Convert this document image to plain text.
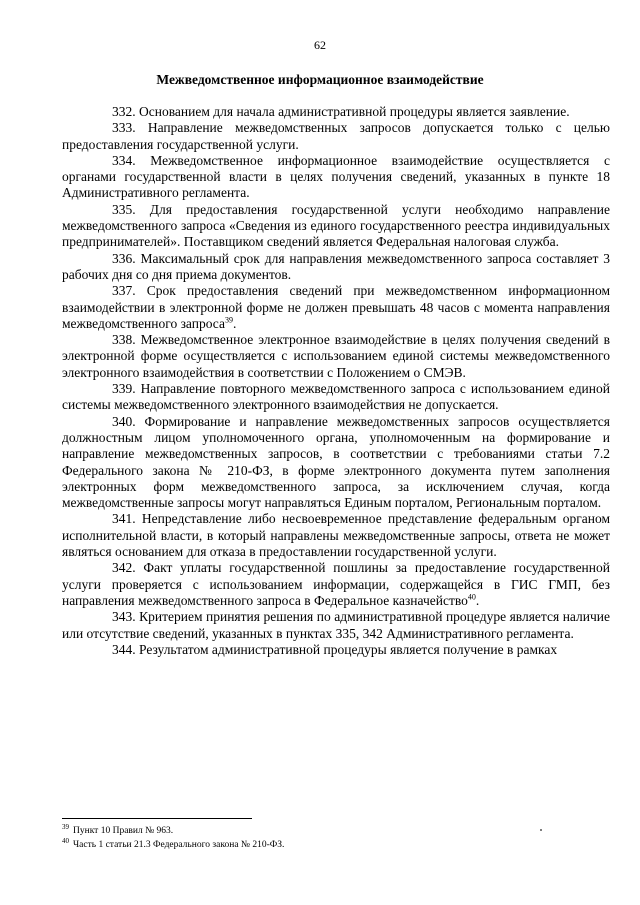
62
Межведомственное информационное взаимодействие

332. Основанием для начала административной процедуры является заявление.

333. Направление межведомственных запросов допускается только с целью предоставления государственной услуги.

334. Межведомственное информационное взаимодействие осуществляется с органами государственной власти в целях получения сведений, указанных в пункте 18 Административного регламента.

335. Для предоставления государственной услуги необходимо направление межведомственного запроса «Сведения из единого государственного реестра индивидуальных предпринимателей». Поставщиком сведений является Федеральная налоговая служба.

336. Максимальный срок для направления межведомственного запроса составляет 3 рабочих дня со дня приема документов.

337. Срок предоставления сведений при межведомственном информационном взаимодействии в электронной форме не должен превышать 48 часов с момента направления межведомственного запроса$^{39}$.

338. Межведомственное электронное взаимодействие в целях получения сведений в электронной форме осуществляется с использованием единой системы межведомственного электронного взаимодействия в соответствии с Положением о СМЭВ.

339. Направление повторного межведомственного запроса с использованием единой системы межведомственного электронного взаимодействия не допускается.

340. Формирование и направление межведомственных запросов осуществляется должностным лицом уполномоченного органа, уполномоченным на формирование и направление межведомственных запросов, в соответствии с требованиями статьи 7.2 Федерального закона № 210-ФЗ, в форме электронного документа путем заполнения электронных форм межведомственного запроса, за исключением случая, когда межведомственные запросы могут направляться Единым порталом, Региональным порталом.

341. Непредставление либо несвоевременное представление федеральным органом исполнительной власти, в который направлены межведомственные запросы, ответа не может являться основанием для отказа в предоставлении государственной услуги.

342. Факт уплаты государственной пошлины за предоставление государственной услуги проверяется с использованием информации, содержащейся в ГИС ГМП, без направления межведомственного запроса в Федеральное казначейство$^{40}$.

343. Критерием принятия решения по административной процедуре является наличие или отсутствие сведений, указанных в пунктах 335, 342 Административного регламента.

344. Результатом административной процедуры является получение в рамках

$^{39}$ Пункт 10 Правил № 963.

$^{40}$ Часть 1 статьи 21.3 Федерального закона № 210-ФЗ.
